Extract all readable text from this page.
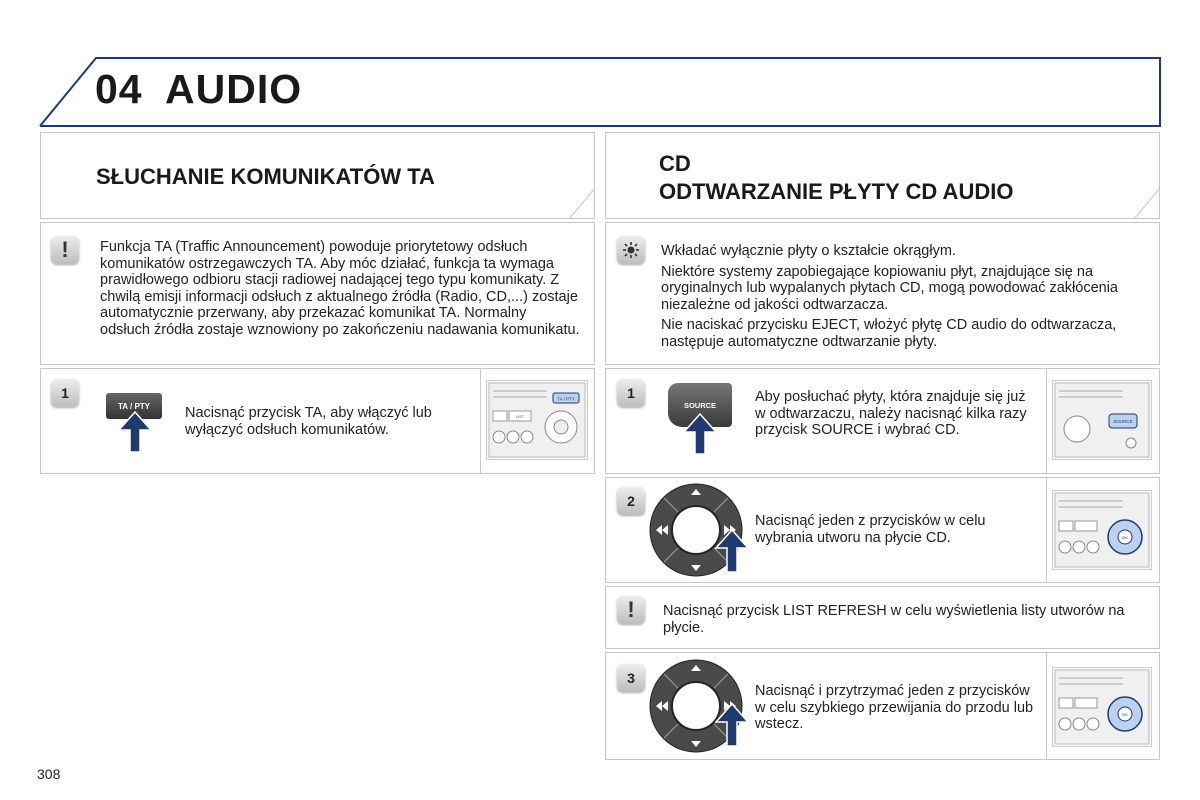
04 AUDIO
SŁUCHANIE KOMUNIKATÓW TA
!	Funkcja TA (Traffic Announcement) powoduje priorytetowy odsłuch komunikatów ostrzegawczych TA. Aby móc działać, funkcja ta wymaga prawidłowego odbioru stacji radiowej nadającej tego typu komunikaty. Z chwilą emisji informacji odsłuch z aktualnego źródła (Radio, CD,...) zostaje automatycznie przerwany, aby przekazać komunikat TA. Normalny odsłuch źródła zostaje wznowiony po zakończeniu nadawania komunikatu.
1
TA / PTY	Nacisnąć przycisk TA, aby włączyć lub wyłączyć odsłuch komunikatów.
TA / PTY
LIST
CD
ODTWARZANIE PŁYTY CD AUDIO

Wkładać wyłącznie płyty o kształcie okrągłym.

Niektóre systemy zapobiegające kopiowaniu płyt, znajdujące się na oryginalnych lub wypalanych płytach CD, mogą powodować zakłócenia niezależne od jakości odtwarzacza.

Nie naciskać przycisku EJECT, włożyć płytę CD audio do odtwarzacza, następuje automatyczne odtwarzanie płyty.

1
SOURCE	Aby posłuchać płyty, która znajduje się już w odtwarzaczu, należy nacisnąć kilka razy przycisk SOURCE i wybrać CD.
SOURCE
2
Nacisnąć jeden z przycisków w celu wybrania utworu na płycie CD.	OK
!	Nacisnąć przycisk LIST REFRESH w celu wyświetlenia listy utworów na płycie.
3
Nacisnąć i przytrzymać jeden z przycisków w celu szybkiego przewijania do przodu lub wstecz.
OK
308
